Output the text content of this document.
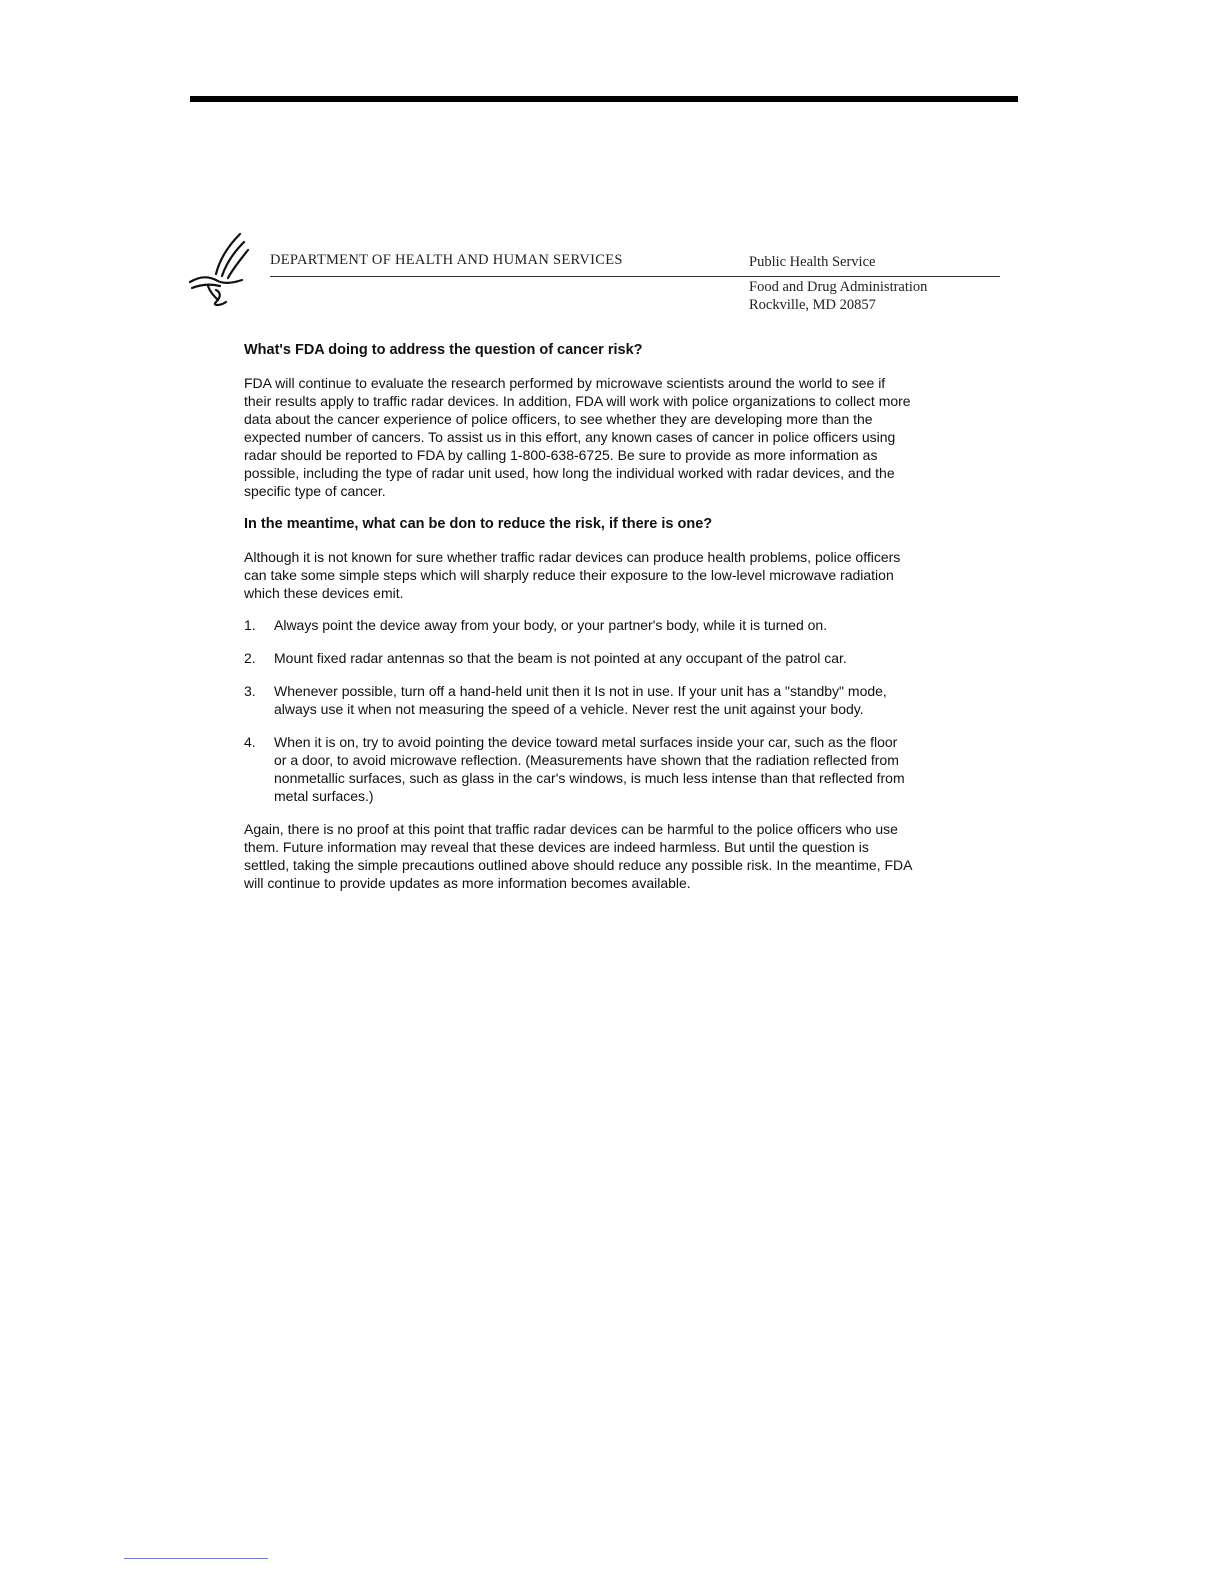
DEPARTMENT OF HEALTH AND HUMAN SERVICES	Public Health Service
Food and Drug Administration
Rockville, MD 20857
What's FDA doing to address the question of cancer risk?

FDA will continue to evaluate the research performed by microwave scientists around the world to see if their results apply to traffic radar devices. In addition, FDA will work with police organizations to collect more data about the cancer experience of police officers, to see whether they are developing more than the expected number of cancers. To assist us in this effort, any known cases of cancer in police officers using radar should be reported to FDA by calling 1-800-638-6725. Be sure to provide as more information as possible, including the type of radar unit used, how long the individual worked with radar devices, and the specific type of cancer.

In the meantime, what can be don to reduce the risk, if there is one?

Although it is not known for sure whether traffic radar devices can produce health problems, police officers can take some simple steps which will sharply reduce their exposure to the low-level microwave radiation which these devices emit.

1. Always point the device away from your body, or your partner's body, while it is turned on.
2. Mount fixed radar antennas so that the beam is not pointed at any occupant of the patrol car.
3. Whenever possible, turn off a hand-held unit then it Is not in use. If your unit has a "standby" mode, always use it when not measuring the speed of a vehicle. Never rest the unit against your body.
4. When it is on, try to avoid pointing the device toward metal surfaces inside your car, such as the floor or a door, to avoid microwave reflection. (Measurements have shown that the radiation reflected from nonmetallic surfaces, such as glass in the car's windows, is much less intense than that reflected from metal surfaces.)

Again, there is no proof at this point that traffic radar devices can be harmful to the police officers who use them. Future information may reveal that these devices are indeed harmless. But until the question is settled, taking the simple precautions outlined above should reduce any possible risk. In the meantime, FDA will continue to provide updates as more information becomes available.
